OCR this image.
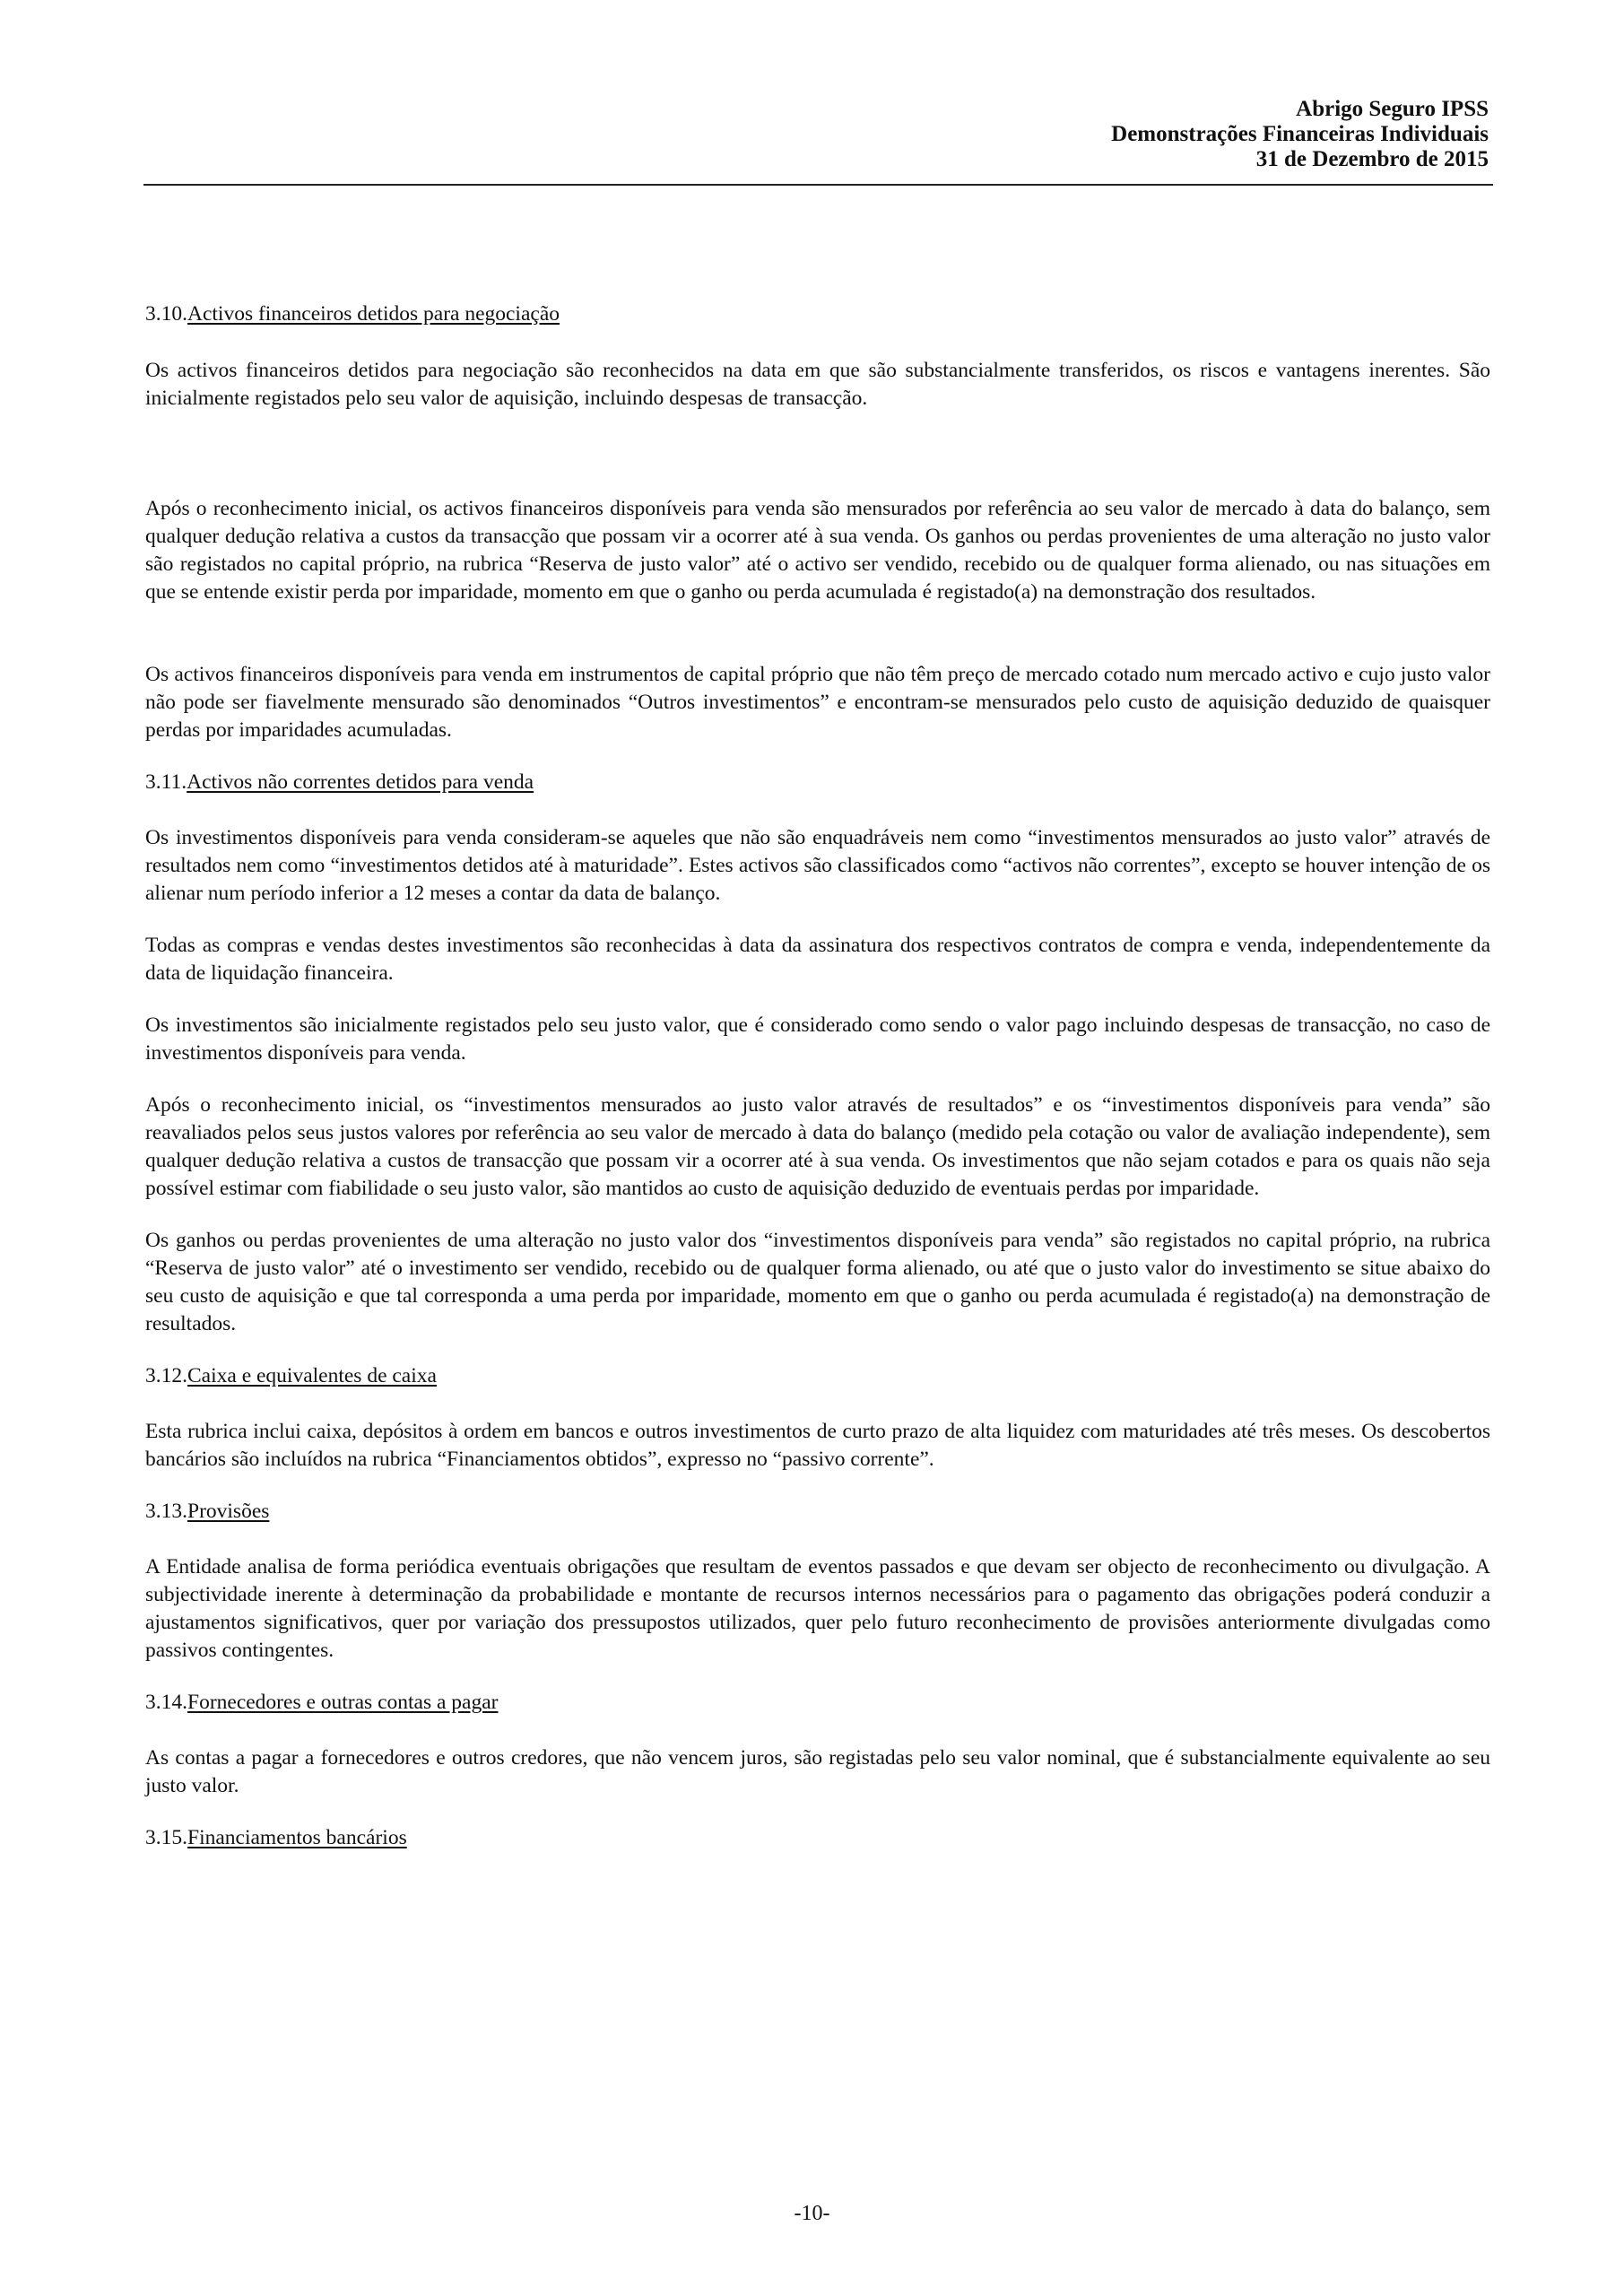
Abrigo Seguro IPSS
Demonstrações Financeiras Individuais
31 de Dezembro de 2015
3.10.Activos financeiros detidos para negociação

Os activos financeiros detidos para negociação são reconhecidos na data em que são substancialmente transferidos, os riscos e vantagens inerentes. São inicialmente registados pelo seu valor de aquisição, incluindo despesas de transacção.

Após o reconhecimento inicial, os activos financeiros disponíveis para venda são mensurados por referência ao seu valor de mercado à data do balanço, sem qualquer dedução relativa a custos da transacção que possam vir a ocorrer até à sua venda. Os ganhos ou perdas provenientes de uma alteração no justo valor são registados no capital próprio, na rubrica “Reserva de justo valor” até o activo ser vendido, recebido ou de qualquer forma alienado, ou nas situações em que se entende existir perda por imparidade, momento em que o ganho ou perda acumulada é registado(a) na demonstração dos resultados.

Os activos financeiros disponíveis para venda em instrumentos de capital próprio que não têm preço de mercado cotado num mercado activo e cujo justo valor não pode ser fiavelmente mensurado são denominados “Outros investimentos” e encontram-se mensurados pelo custo de aquisição deduzido de quaisquer perdas por imparidades acumuladas.

3.11.Activos não correntes detidos para venda

Os investimentos disponíveis para venda consideram-se aqueles que não são enquadráveis nem como “investimentos mensurados ao justo valor” através de resultados nem como “investimentos detidos até à maturidade”. Estes activos são classificados como “activos não correntes”, excepto se houver intenção de os alienar num período inferior a 12 meses a contar da data de balanço.

Todas as compras e vendas destes investimentos são reconhecidas à data da assinatura dos respectivos contratos de compra e venda, independentemente da data de liquidação financeira.

Os investimentos são inicialmente registados pelo seu justo valor, que é considerado como sendo o valor pago incluindo despesas de transacção, no caso de investimentos disponíveis para venda.

Após o reconhecimento inicial, os “investimentos mensurados ao justo valor através de resultados” e os “investimentos disponíveis para venda” são reavaliados pelos seus justos valores por referência ao seu valor de mercado à data do balanço (medido pela cotação ou valor de avaliação independente), sem qualquer dedução relativa a custos de transacção que possam vir a ocorrer até à sua venda. Os investimentos que não sejam cotados e para os quais não seja possível estimar com fiabilidade o seu justo valor, são mantidos ao custo de aquisição deduzido de eventuais perdas por imparidade.

Os ganhos ou perdas provenientes de uma alteração no justo valor dos “investimentos disponíveis para venda” são registados no capital próprio, na rubrica “Reserva de justo valor” até o investimento ser vendido, recebido ou de qualquer forma alienado, ou até que o justo valor do investimento se situe abaixo do seu custo de aquisição e que tal corresponda a uma perda por imparidade, momento em que o ganho ou perda acumulada é registado(a) na demonstração de resultados.

3.12.Caixa e equivalentes de caixa

Esta rubrica inclui caixa, depósitos à ordem em bancos e outros investimentos de curto prazo de alta liquidez com maturidades até três meses. Os descobertos bancários são incluídos na rubrica “Financiamentos obtidos”, expresso no “passivo corrente”.

3.13.Provisões

A Entidade analisa de forma periódica eventuais obrigações que resultam de eventos passados e que devam ser objecto de reconhecimento ou divulgação. A subjectividade inerente à determinação da probabilidade e montante de recursos internos necessários para o pagamento das obrigações poderá conduzir a ajustamentos significativos, quer por variação dos pressupostos utilizados, quer pelo futuro reconhecimento de provisões anteriormente divulgadas como passivos contingentes.

3.14.Fornecedores e outras contas a pagar

As contas a pagar a fornecedores e outros credores, que não vencem juros, são registadas pelo seu valor nominal, que é substancialmente equivalente ao seu justo valor.

3.15.Financiamentos bancários
-10-
